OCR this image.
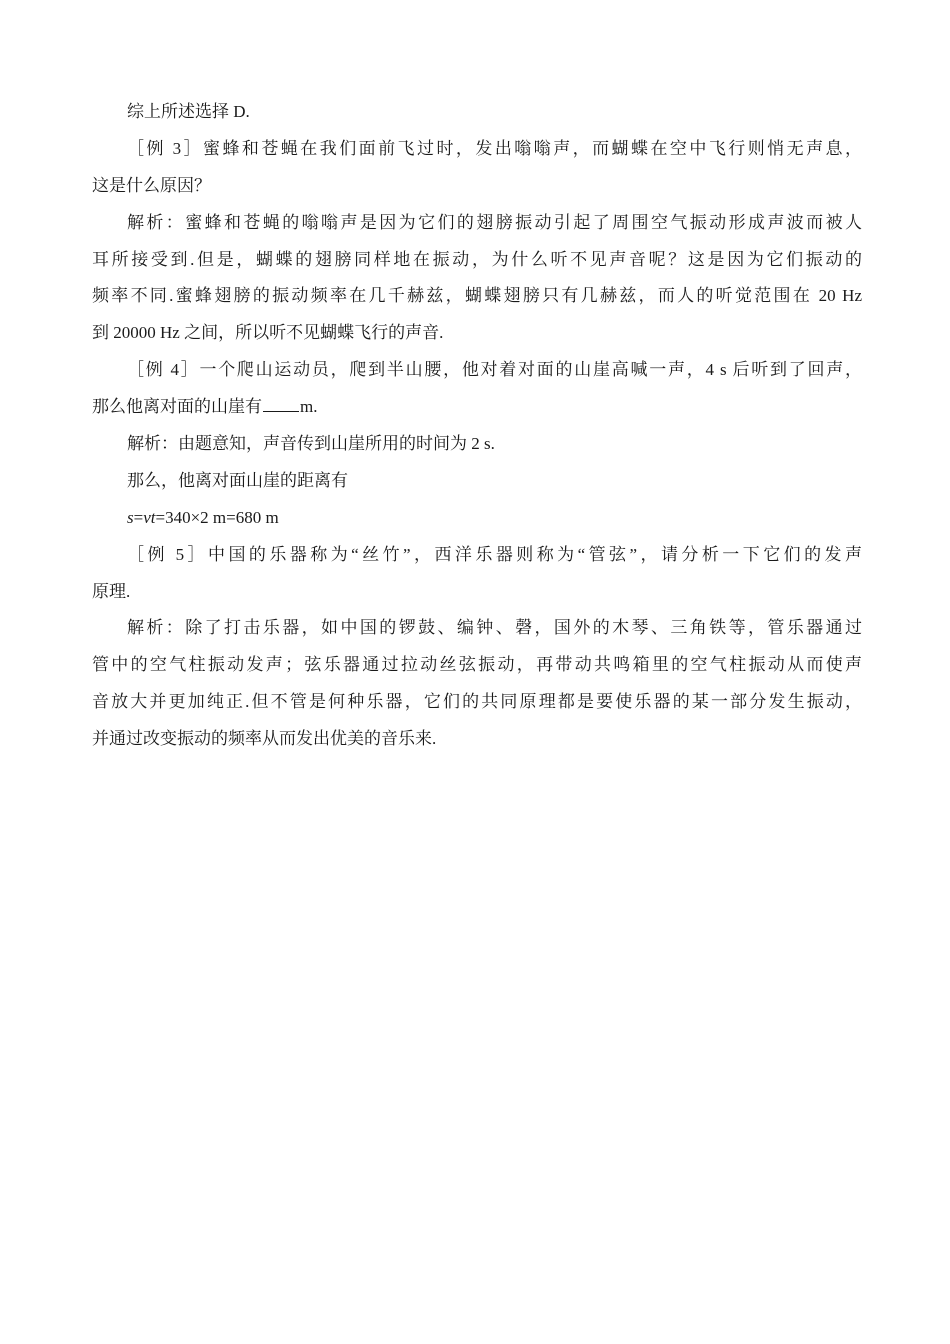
综上所述选择 D.
［例 3］蜜蜂和苍蝇在我们面前飞过时，发出嗡嗡声，而蝴蝶在空中飞行则悄无声息，
这是什么原因？
解析：蜜蜂和苍蝇的嗡嗡声是因为它们的翅膀振动引起了周围空气振动形成声波而被人
耳所接受到.但是，蝴蝶的翅膀同样地在振动，为什么听不见声音呢？这是因为它们振动的
频率不同.蜜蜂翅膀的振动频率在几千赫兹，蝴蝶翅膀只有几赫兹，而人的听觉范围在 20 Hz
到 20000 Hz 之间，所以听不见蝴蝶飞行的声音.
［例 4］一个爬山运动员，爬到半山腰，他对着对面的山崖高喊一声，4 s 后听到了回声，
那么他离对面的山崖有 m.
解析：由题意知，声音传到山崖所用的时间为 2 s.
那么，他离对面山崖的距离有
s=vt=340×2 m=680 m
［例 5］中国的乐器称为“丝竹”，西洋乐器则称为“管弦”，请分析一下它们的发声
原理.
解析：除了打击乐器，如中国的锣鼓、编钟、磬，国外的木琴、三角铁等，管乐器通过
管中的空气柱振动发声；弦乐器通过拉动丝弦振动，再带动共鸣箱里的空气柱振动从而使声
音放大并更加纯正.但不管是何种乐器，它们的共同原理都是要使乐器的某一部分发生振动，
并通过改变振动的频率从而发出优美的音乐来.
